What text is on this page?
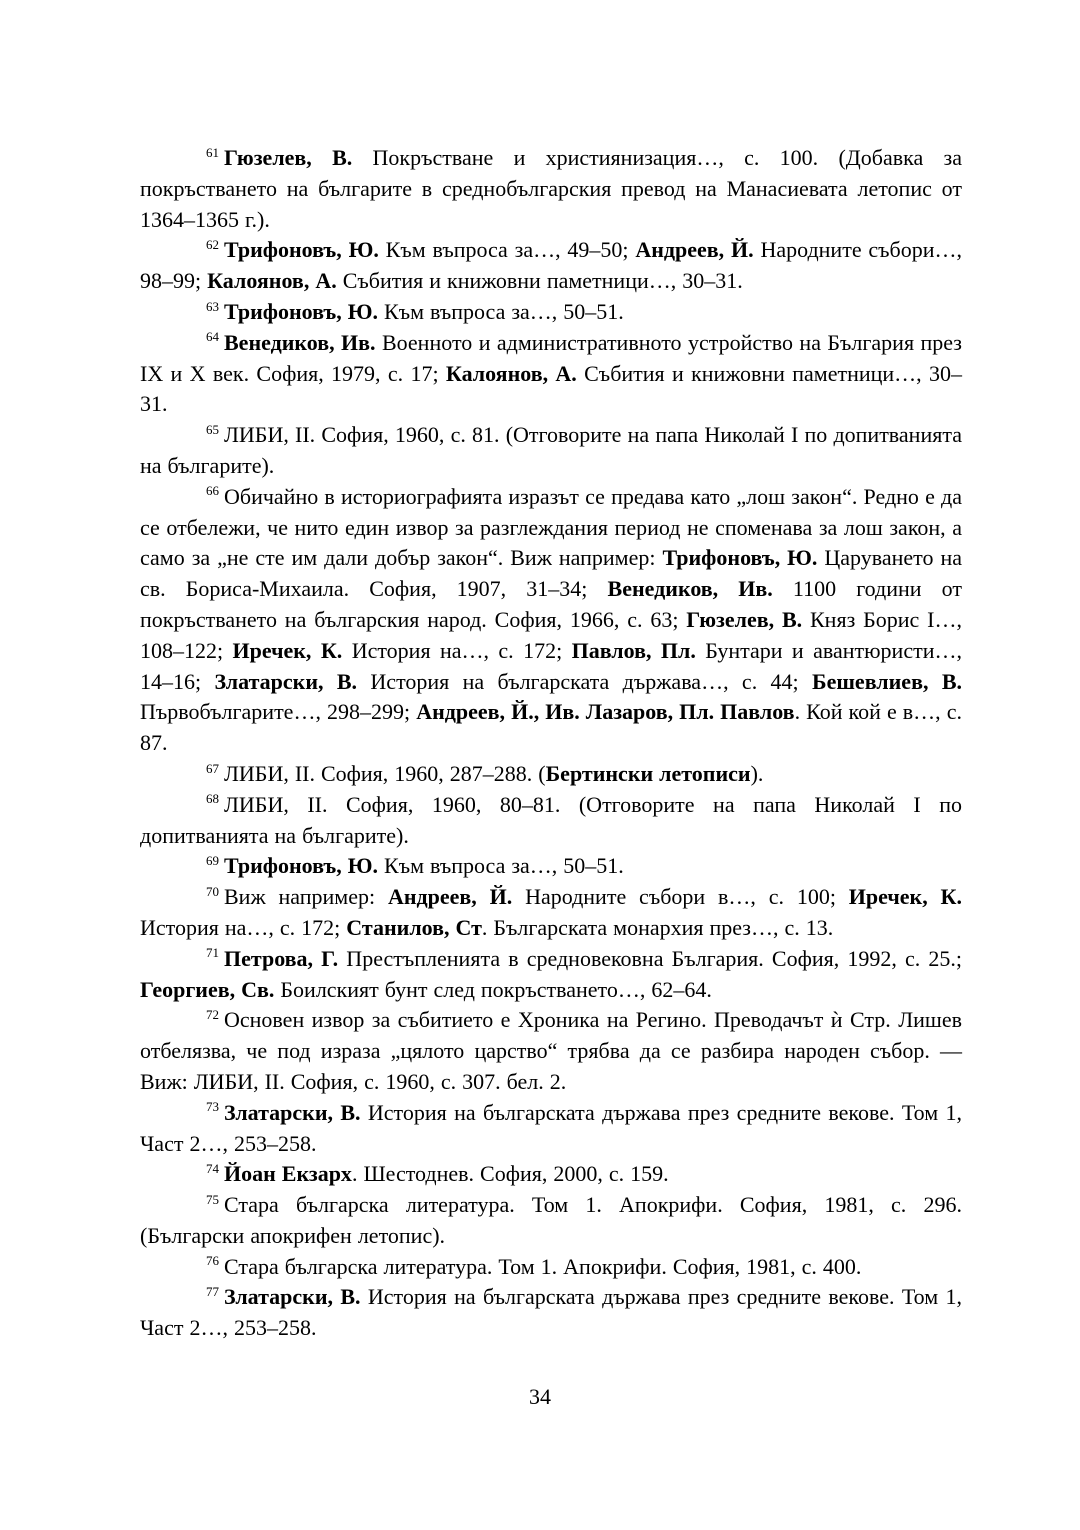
$^{61}$ Гюзелев, В. Покръстване и християнизация…, с. 100. (Добавка за покръстването на българите в среднобългарския превод на Манасиевата летопис от 1364–1365 г.).

$^{62}$ Трифоновъ, Ю. Към въпроса за…, 49–50; Андреев, Й. Народните събори…, 98–99; Калоянов, А. Събития и книжовни паметници…, 30–31.

$^{63}$ Трифоновъ, Ю. Към въпроса за…, 50–51.

$^{64}$ Венедиков, Ив. Военното и административното устройство на България през IX и X век. София, 1979, с. 17; Калоянов, А. Събития и книжовни паметници…, 30–31.

$^{65}$ ЛИБИ, II. София, 1960, с. 81. (Отговорите на папа Николай I по допитванията на българите).

$^{66}$ Обичайно в историографията изразът се предава като „лош закон“. Редно е да се отбележи, че нито един извор за разглеждания период не споменава за лош закон, а само за „не сте им дали добър закон“. Виж например: Трифоновъ, Ю. Царуването на св. Бориса-Михаила. София, 1907, 31–34; Венедиков, Ив. 1100 години от покръстването на българския народ. София, 1966, с. 63; Гюзелев, В. Княз Борис I…, 108–122; Иречек, К. История на…, с. 172; Павлов, Пл. Бунтари и авантюристи…, 14–16; Златарски, В. История на българската държава…, с. 44; Бешевлиев, В. Първобългарите…, 298–299; Андреев, Й., Ив. Лазаров, Пл. Павлов. Кой кой е в…, с. 87.

$^{67}$ ЛИБИ, II. София, 1960, 287–288. (Бертински летописи).

$^{68}$ ЛИБИ, II. София, 1960, 80–81. (Отговорите на папа Николай I по допитванията на българите).

$^{69}$ Трифоновъ, Ю. Към въпроса за…, 50–51.

$^{70}$ Виж например: Андреев, Й. Народните събори в…, с. 100; Иречек, К. История на…, с. 172; Станилов, Ст. Българската монархия през…, с. 13.

$^{71}$ Петрова, Г. Престъпленията в средновековна България. София, 1992, с. 25.; Георгиев, Св. Боилският бунт след покръстването…, 62–64.

$^{72}$ Основен извор за събитието е Хроника на Регино. Преводачът ѝ Стр. Лишев отбелязва, че под израза „цялото царство“ трябва да се разбира народен събор. — Виж: ЛИБИ, II. София, с. 1960, с. 307. бел. 2.

$^{73}$ Златарски, В. История на българската държава през средните векове. Том 1, Част 2…, 253–258.

$^{74}$ Йоан Екзарх. Шестоднев. София, 2000, с. 159.

$^{75}$ Стара българска литература. Том 1. Апокрифи. София, 1981, с. 296. (Български апокрифен летопис).

$^{76}$ Стара българска литература. Том 1. Апокрифи. София, 1981, с. 400.

$^{77}$ Златарски, В. История на българската държава през средните векове. Том 1, Част 2…, 253–258.

34
